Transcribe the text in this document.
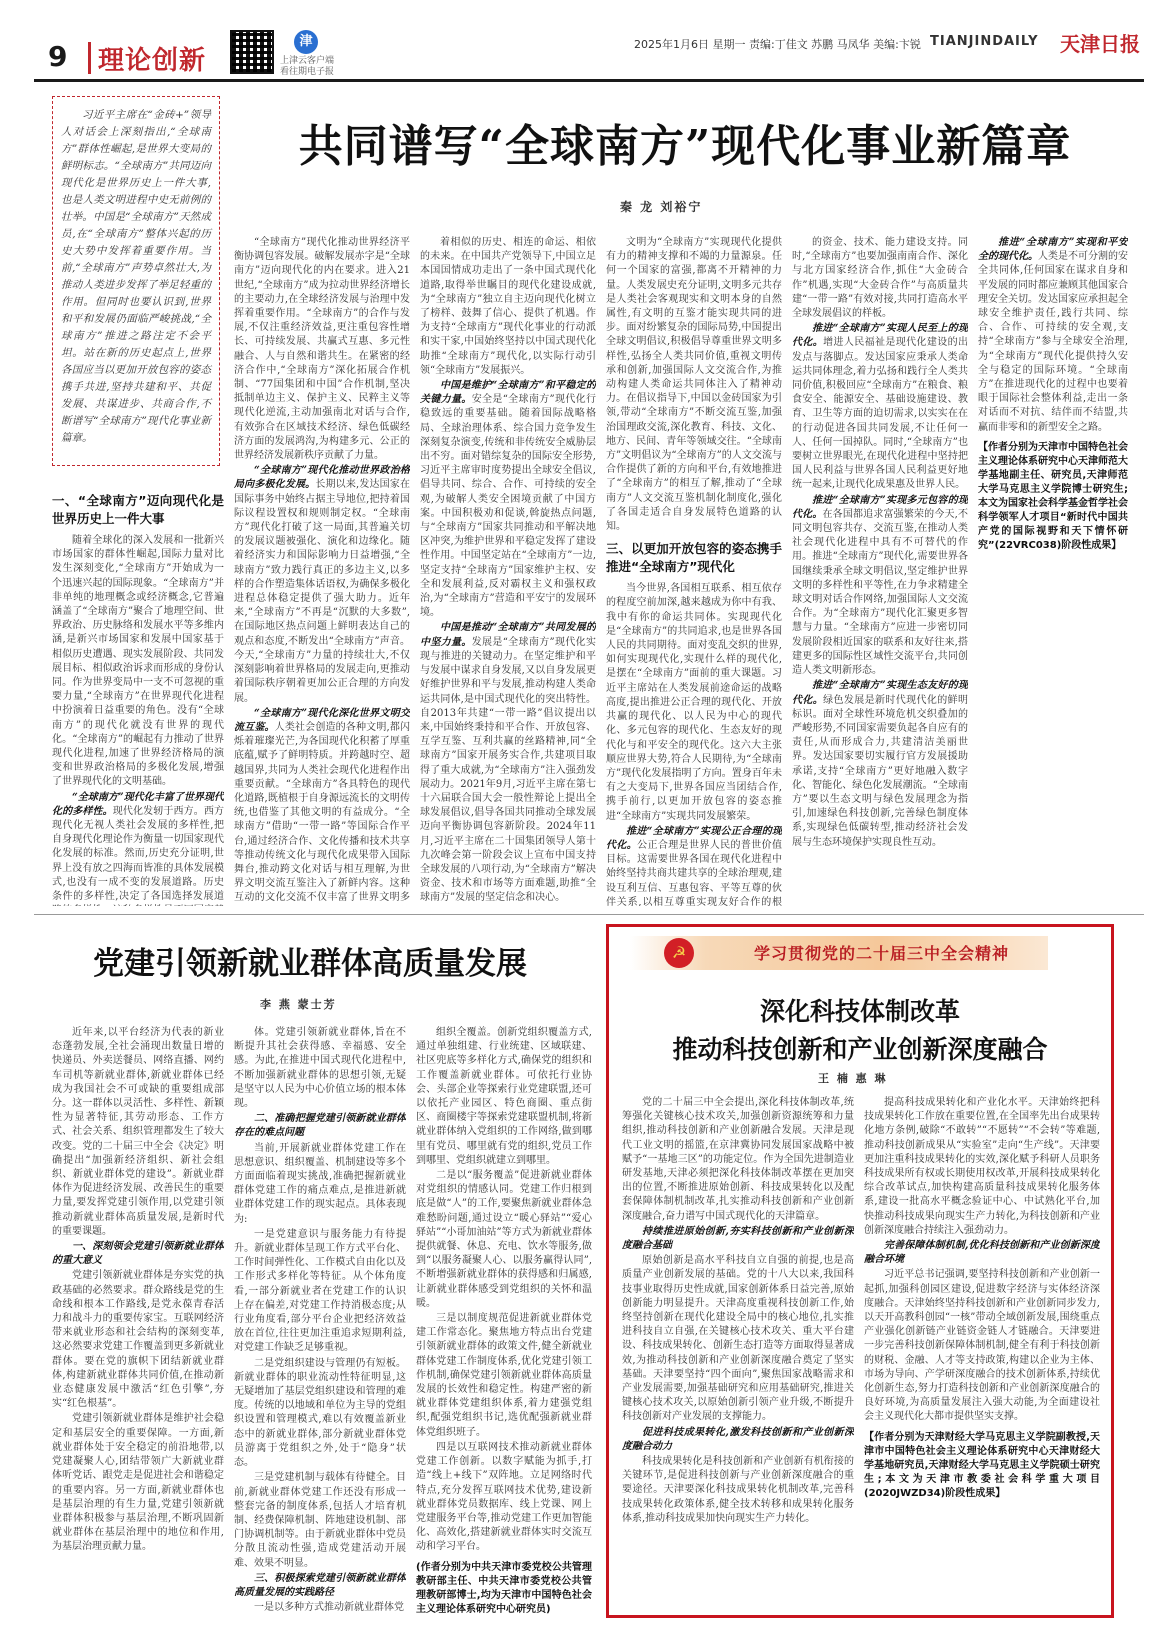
9 理论创新
津
上津云客户端
看往期电子报
2025年1月6日 星期一 责编:丁佳文 苏鹏 马凤华 美编:卞锐 TIANJINDAILY 天津日报

习近平主席在“金砖+”领导人对话会上深刻指出,“全球南方”群体性崛起,是世界大变局的鲜明标志。“全球南方”共同迈向现代化是世界历史上一件大事,也是人类文明进程中史无前例的壮举。中国是“全球南方”天然成员,在“全球南方”整体兴起的历史大势中发挥着重要作用。当前,“全球南方”声势卓然壮大,为推动人类进步发挥了举足轻重的作用。但同时也要认识到,世界和平和发展仍面临严峻挑战,“全球南方”推进之路注定不会平坦。站在新的历史起点上,世界各国应当以更加开放包容的姿态携手共进,坚持共建和平、共促发展、共谋进步、共商合作,不断谱写“全球南方”现代化事业新篇章。

共同谱写“全球南方”现代化事业新篇章
秦 龙 刘裕宁
一、“全球南方”迈向现代化是世界历史上一件大事

随着全球化的深入发展和一批新兴市场国家的群体性崛起,国际力量对比发生深刻变化,“全球南方”开始成为一个迅速兴起的国际现象。“全球南方”并非单纯的地理概念或经济概念,它普遍涵盖了“全球南方”聚合了地理空间、世界政治、历史脉络和发展水平等多维内涵,是新兴市场国家和发展中国家基于相似历史遭遇、现实发展阶段、共同发展目标、相似政治诉求而形成的身份认同。作为世界变局中一支不可忽视的重要力量,“全球南方”在世界现代化进程中扮演着日益重要的角色。没有“全球南方”的现代化就没有世界的现代化。“全球南方”的崛起有力推动了世界现代化进程,加速了世界经济格局的演变和世界政治格局的多极化发展,增强了世界现代化的文明基础。

“全球南方”现代化丰富了世界现代化的多样性。现代化发轫于西方。西方现代化无视人类社会发展的多样性,把自身现代化理论作为衡量一切国家现代化发展的标准。然而,历史充分证明,世界上没有放之四海而皆准的具体发展模式,也没有一成不变的发展道路。历史条件的多样性,决定了各国选择发展道

“全球南方”现代化推动世界经济平衡协调包容发展。破解发展赤字是“全球南方”迈向现代化的内在要求。进入21世纪,“全球南方”成为拉动世界经济增长的主要动力,在全球经济发展与治理中发挥着重要作用。“全球南方”的合作与发展,不仅注重经济效益,更注重包容性增长、可持续发展、共赢式互惠、多元性融合、人与自然和谐共生。在紧密的经济合作中,“全球南方”深化拓展合作机制、“77国集团和中国”合作机制,坚决抵制单边主义、保护主义、民粹主义等现代化逆流,主动加强南北对话与合作,有效弥合在区域技术经济、绿色低碳经济方面的发展鸿沟,为构建多元、公正的世界经济发展新秩序贡献了力量。

“全球南方”现代化推动世界政治格局向多极化发展。长期以来,发达国家在国际事务中始终占据主导地位,把持着国际议程设置权和规则制定权。“全球南方”现代化打破了这一局面,其普遍关切的发展议题被强化、演化和边缘化。随着经济实力和国际影响力日益增强,“全球南方”致力践行真正的多边主义,以多样的合作塑造集体话语权,为确保多极化进程总体稳定提供了强大助力。近年来,“全球南方”不再是“沉默的大多数”,在国际地区热点问题上鲜明表达自己的观点和态度,不断发出“全球南方”声音。今天,“全球南方”力量的持续壮大,不仅深刻影响着世界格局的发展走向,更推动着国际秩序朝着更加公正合理的方向发展。

“全球南方”现代化深化世界文明交流互鉴。人类社会创造的各种文明,都闪烁着璀璨光芒,为各国现代化积蓄了厚重底蕴,赋予了鲜明特质。并跨越时空、超越国界,共同为人类社会现代化进程作出重要贡献。“全球南方”各具特色的现代化道路,既植根于自身源远流长的文明传统,也借鉴了其他文明的有益成分。“全球南方”借助“一带一路”等国际合作平台,通过经济合作、文化传播和技术共享等推动传统文化与现代化成果带入国际舞台,推动跨文化对话与相互理解,为世界文明交流互鉴注入了新鲜内容。这种互动的文化交流不仅丰富了世界文明多

着相似的历史、相连的命运、相依的未来。在中国共产党领导下,中国立足本国国情成功走出了一条中国式现代化道路,取得举世瞩目的现代化建设成就,为“全球南方”独立自主迈向现代化树立了榜样、鼓舞了信心、提供了机遇。作为支持“全球南方”现代化事业的行动派和实干家,中国始终坚持以中国式现代化助推“全球南方”现代化,以实际行动引领“全球南方”发展振兴。

中国是维护“全球南方”和平稳定的关键力量。安全是“全球南方”现代化行稳致远的重要基础。随着国际战略格局、全球治理体系、综合国力竞争发生深刻复杂演变,传统和非传统安全威胁层出不穷。面对错综复杂的国际安全形势,习近平主席审时度势提出全球安全倡议,倡导共同、综合、合作、可持续的安全观,为破解人类安全困境贡献了中国方案。中国积极劝和促谈,斡旋热点问题,与“全球南方”国家共同推动和平解决地区冲突,为维护世界和平稳定发挥了建设性作用。中国坚定站在“全球南方”一边,坚定支持“全球南方”国家维护主权、安全和发展利益,反对霸权主义和强权政治,为“全球南方”营造和平安宁的发展环境。

中国是推动“全球南方”共同发展的中坚力量。发展是“全球南方”现代化实现与推进的关键动力。在坚定维护和平与发展中谋求自身发展,又以自身发展更好维护世界和平与发展,推动构建人类命运共同体,是中国式现代化的突出特性。自2013年共建“一带一路”倡议提出以来,中国始终秉持和平合作、开放包容、互学互鉴、互利共赢的丝路精神,同“全球南方”国家开展务实合作,共建项目取得了重大成就,为“全球南方”注入强劲发展动力。2021年9月,习近平主席在第七十六届联合国大会一般性辩论上提出全球发展倡议,倡导各国共同推动全球发展迈向平衡协调包容新阶段。2024年11月,习近平主席在二十国集团领导人第十九次峰会第一阶段会议上宣布中国支持全球发展的八项行动,为“全球南方”解决资金、技术和市场等方面难题,助推“全球南方”发展的坚定信念和决心。

文明为“全球南方”实现现代化提供有力的精神支撑和不竭的力量源泉。任何一个国家的富强,都离不开精神的力量。人类发展史充分证明,文明多元共存是人类社会客观现实和文明本身的自然属性,有文明的互鉴才能实现共同的进步。面对纷繁复杂的国际局势,中国提出全球文明倡议,积极倡导尊重世界文明多样性,弘扬全人类共同价值,重视文明传承和创新,加强国际人文交流合作,为推动构建人类命运共同体注入了精神动力。在倡议指导下,中国以金砖国家为引领,带动“全球南方”不断交流互鉴,加强治国理政交流,深化教育、科技、文化、地方、民间、青年等领域交往。“全球南方”文明倡议为“全球南方”的人文交流与合作提供了新的方向和平台,有效地推进了“全球南方”的相互了解,推动了“全球南方”人文交流互鉴机制化制度化,强化了各国走适合自身发展特色道路的认知。

三、以更加开放包容的姿态携手推进“全球南方”现代化

当今世界,各国相互联系、相互依存的程度空前加深,越来越成为你中有我、我中有你的命运共同体。实现现代化是“全球南方”的共同追求,也是世界各国人民的共同期待。面对变乱交织的世界,如何实现现代化,实现什么样的现代化,是摆在“全球南方”面前的重大课题。习近平主席站在人类发展前途命运的战略高度,提出推进公正合理的现代化、开放共赢的现代化、以人民为中心的现代化、多元包容的现代化、生态友好的现代化与和平安全的现代化。这六大主张顺应世界大势,符合人民期待,为“全球南方”现代化发展指明了方向。置身百年未有之大变局下,世界各国应当团结合作,携手前行,以更加开放包容的姿态推进“全球南方”实现共同发展繁荣。

推进“全球南方”实现公正合理的现代化。公正合理是世界人民的普世价值目标。这需要世界各国在现代化进程中始终坚持共商共建共享的全球治理观,建设互利互信、互惠包容、平等互尊的伙伴关系,以相互尊重实现友好合作的根

的资金、技术、能力建设支持。同时,“全球南方”也要加强南南合作、深化与北方国家经济合作,抓住“大金砖合作”机遇,实现“大金砖合作”与高质量共建“一带一路”有效对接,共同打造高水平全球发展倡议的样板。

推进“全球南方”实现人民至上的现代化。增进人民福祉是现代化建设的出发点与落脚点。发达国家应秉承人类命运共同体理念,着力弘扬和践行全人类共同价值,积极回应“全球南方”在粮食、粮食安全、能源安全、基础设施建设、教育、卫生等方面的迫切需求,以实实在在的行动促进各国共同发展,不让任何一人、任何一国掉队。同时,“全球南方”也要树立世界眼光,在现代化进程中坚持把国人民利益与世界各国人民利益更好地统一起来,让现代化成果惠及世界人民。

推进“全球南方”实现多元包容的现代化。在各国都追求富强繁荣的今天,不同文明包容共存、交流互鉴,在推动人类社会现代化进程中具有不可替代的作用。推进“全球南方”现代化,需要世界各国继续秉承全球文明倡议,坚定维护世界文明的多样性和平等性,在力争求精建全球文明对话合作网络,加强国际人文交流合作。为“全球南方”现代化汇聚更多智慧与力量。“全球南方”应进一步密切同发展阶段相近国家的联系和友好往来,搭建更多的国际性区域性交流平台,共同创造人类文明新形态。

推进“全球南方”实现生态友好的现代化。绿色发展是新时代现代化的鲜明标识。面对全球性环境危机交织叠加的严峻形势,不同国家需要负起各自应有的责任,从而形成合力,共建清洁美丽世界。发达国家要切实履行官方发展援助承诺,支持“全球南方”更好地融入数字化、智能化、绿色化发展潮流。“全球南方”要以生态文明与绿色发展理念为指引,加速绿色科技创新,完善绿色制度体系,实现绿色低碳转型,推动经济社会发展与生态环境保护实现良性互动。

推进“全球南方”实现和平安全的现代化。人类是不可分割的安全共同体,任何国家在谋求自身和平发展的同时都应兼顾其他国家合理安全关切。发达国家应承担起全球安全维护责任,践行共同、综合、合作、可持续的安全观,支持“全球南方”参与全球安全治理,为“全球南方”现代化提供持久安全与稳定的国际环境。“全球南方”在推进现代化的过程中也要着眼于国际社会整体利益,走出一条对话而不对抗、结伴而不结盟,共赢而非零和的新型安全之路。

【作者分别为天津市中国特色社会主义理论体系研究中心天津师范大学基地副主任、研究员,天津师范大学马克思主义学院博士研究生;本文为国家社会科学基金哲学社会科学领军人才项目“新时代中国共产党的国际视野和天下情怀研究”(22VRC038)阶段性成果】
党建引领新就业群体高质量发展
李 燕 蒙士芳

近年来,以平台经济为代表的新业态蓬勃发展,全社会涌现出数量日增的快递员、外卖送餐员、网络直播、网约车司机等新就业群体,新就业群体已经成为我国社会不可或缺的重要组成部分。这一群体以灵活性、多样性、新颖性为显著特征,其劳动形态、工作方式、社会关系、组织管理都发生了较大改变。党的二十届三中全会《决定》明确提出“加强新经济组织、新社会组织、新就业群体党的建设”。新就业群体作为促进经济发展、改善民生的重要力量,要发挥党建引领作用,以党建引领推动新就业群体高质量发展,是新时代的重要课题。

一、深刻领会党建引领新就业群体的重大意义

党建引领新就业群体是夯实党的执政基础的必然要求。群众路线是党的生命线和根本工作路线,是党永葆青春活力和战斗力的重要传家宝。互联网经济带来就业形态和社会结构的深刻变革,这必然要求党建工作覆盖到更多新就业群体。要在党的旗帜下团结新就业群体,构建新就业群体共同价值,在推动新业态健康发展中激活“红色引擎”,夯实“红色根基”。

党建引领新就业群体是维护社会稳定和基层安全的重要保障。一方面,新就业群体处于安全稳定的前沿地带,以党建凝聚人心,团结带领广大新就业群体听党话、跟党走是促进社会和谐稳定的重要内容。另一方面,新就业群体也是基层治理的有生力量,党建引领新就业群体积极参与基层治理,不断巩固新就业群体在基层治理中的地位和作用,为基层治理贡献力量。

体。党建引领新就业群体,旨在不断提升其社会获得感、幸福感、安全感。为此,在推进中国式现代化进程中,不断加强新就业群体的思想引领,无疑是坚守以人民为中心价值立场的根本体现。

二、准确把握党建引领新就业群体存在的难点问题

当前,开展新就业群体党建工作在思想意识、组织覆盖、机制建设等多个方面面临着现实挑战,准确把握新就业群体党建工作的痛点难点,是推进新就业群体党建工作的现实起点。具体表现为:

一是党建意识与服务能力有待提升。新就业群体呈现工作方式平台化、工作时间弹性化、工作模式自由化以及工作形式多样化等特征。从个体角度看,一部分新就业者在党建工作的认识上存在偏差,对党建工作持消极态度;从行业角度看,部分平台企业把经济效益放在首位,往往更加注重追求短期利益,对党建工作缺乏足够重视。

二是党组织建设与管理仍有短板。新就业群体的职业流动性特征明显,这无疑增加了基层党组织建设和管理的难度。传统的以地域和单位为主导的党组织设置和管理模式,难以有效覆盖新业态中的新就业群体,部分新就业群体党员游离于党组织之外,处于“隐身”状态。

三是党建机制与载体有待健全。目前,新就业群体党建工作还没有形成一整套完备的制度体系,包括人才培育机制、经费保障机制、阵地建设机制、部门协调机制等。由于新就业群体中党员分散且流动性强,造成党建活动开展难、效果不明显。

三、积极探索党建引领新就业群体高质量发展的实践路径

一是以多种方式推动新就业群体党

组织全覆盖。创新党组织覆盖方式,通过单独组建、行业统建、区域联建、社区兜底等多样化方式,确保党的组织和工作覆盖新就业群体。可依托行业协会、头部企业等探索行业党建联盟,还可以依托产业园区、特色商圈、重点街区、商圈楼宇等探索党建联盟机制,将新就业群体纳入党组织的工作网络,做到哪里有党员、哪里就有党的组织,党员工作到哪里、党组织就建立到哪里。

二是以“服务覆盖”促进新就业群体对党组织的情感认同。党建工作归根到底是做“人”的工作,要聚焦新就业群体急难愁盼问题,通过设立“暖心驿站”“爱心驿站”“小哥加油站”等方式为新就业群体提供就餐、休息、充电、饮水等服务,做到“以服务凝聚人心、以服务赢得认同”,不断增强新就业群体的获得感和归属感,让新就业群体感受到党组织的关怀和温暖。

三是以制度规范促进新就业群体党建工作常态化。聚焦地方特点出台党建引领新就业群体的政策文件,健全新就业群体党建工作制度体系,优化党建引领工作机制,确保党建引领新就业群体高质量发展的长效性和稳定性。构建严密的新就业群体党建组织体系,着力建强党组织,配强党组织书记,选优配强新就业群体党组织班子。

四是以互联网技术推动新就业群体党建工作创新。以数字赋能为抓手,打造“线上+线下”双阵地。立足网络时代特点,充分发挥互联网技术优势,建设新就业群体党员数据库、线上党课、网上党建服务平台等,推动党建工作更加智能化、高效化,搭建新就业群体实时交流互动和学习平台。

(作者分别为中共天津市委党校公共管理教研部主任、中共天津市委党校公共管理教研部博士,均为天津市中国特色社会主义理论体系研究中心研究员)
☭	学习贯彻党的二十届三中全会精神
深化科技体制改革
推动科技创新和产业创新深度融合
王 楠 惠 琳

党的二十届三中全会提出,深化科技体制改革,统筹强化关键核心技术攻关,加强创新资源统筹和力量组织,推动科技创新和产业创新融合发展。天津是现代工业文明的摇篮,在京津冀协同发展国家战略中被赋予“一基地三区”的功能定位。作为全国先进制造业研发基地,天津必须把深化科技体制改革摆在更加突出的位置,不断推进原始创新、科技成果转化以及配套保障体制机制改革,扎实推动科技创新和产业创新深度融合,奋力谱写中国式现代化的天津篇章。

持续推进原始创新,夯实科技创新和产业创新深度融合基础

原始创新是高水平科技自立自强的前提,也是高质量产业创新发展的基础。党的十八大以来,我国科技事业取得历史性成就,国家创新体系日益完善,原始创新能力明显提升。天津高度重视科技创新工作,始终坚持创新在现代化建设全局中的核心地位,扎实推进科技自立自强,在关键核心技术攻关、重大平台建设、科技成果转化、创新生态打造等方面取得显著成效,为推动科技创新和产业创新深度融合奠定了坚实基础。天津要坚持“四个面向”,聚焦国家战略需求和产业发展需要,加强基础研究和应用基础研究,推进关键核心技术攻关,以原始创新引领产业升级,不断提升科技创新对产业发展的支撑能力。

促进科技成果转化,激发科技创新和产业创新深度融合动力

科技成果转化是科技创新和产业创新有机衔接的关键环节,是促进科技创新与产业创新深度融合的重要途径。天津要深化科技成果转化机制改革,完善科技成果转化政策体系,健全技术转移和成果转化服务体系,推动科技成果加快向现实生产力转化。

提高科技成果转化和产业化水平。天津始终把科技成果转化工作放在重要位置,在全国率先出台成果转化地方条例,破除“不敢转”“不愿转”“不会转”等难题,推动科技创新成果从“实验室”走向“生产线”。天津要更加注重科技成果转化的实效,深化赋予科研人员职务科技成果所有权或长期使用权改革,开展科技成果转化综合改革试点,加快构建高质量科技成果转化服务体系,建设一批高水平概念验证中心、中试熟化平台,加快推动科技成果向现实生产力转化,为科技创新和产业创新深度融合持续注入强劲动力。

完善保障体制机制,优化科技创新和产业创新深度融合环境

习近平总书记强调,要坚持科技创新和产业创新一起抓,加强科创园区建设,促进数字经济与实体经济深度融合。天津始终坚持科技创新和产业创新同步发力,以天开高教科创园“一核”带动全域创新发展,围绕重点产业强化创新链产业链资金链人才链融合。天津要进一步完善科技创新保障体制机制,健全有利于科技创新的财税、金融、人才等支持政策,构建以企业为主体、市场为导向、产学研深度融合的技术创新体系,持续优化创新生态,努力打造科技创新和产业创新深度融合的良好环境,为高质量发展注入强大动能,为全面建设社会主义现代化大都市提供坚实支撑。

【作者分别为天津财经大学马克思主义学院副教授,天津市中国特色社会主义理论体系研究中心天津财经大学基地研究员,天津财经大学马克思主义学院硕士研究生;本文为天津市教委社会科学重大项目(2020JWZD34)阶段性成果】
